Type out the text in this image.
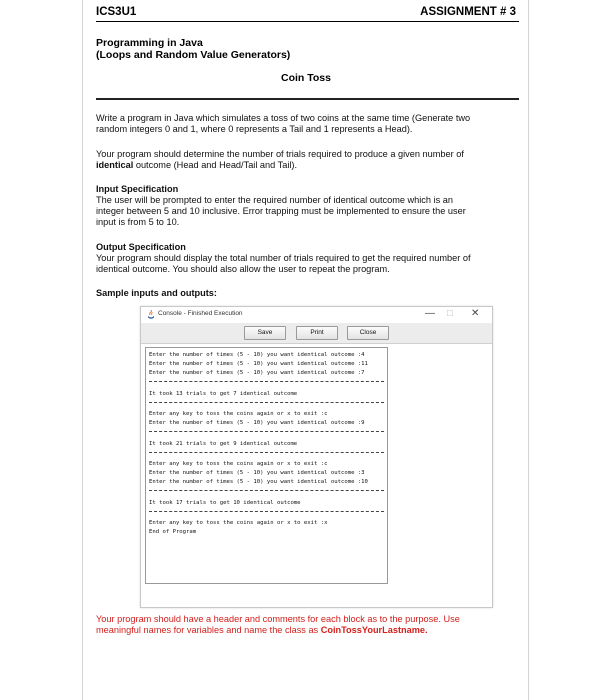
ICS3U1	ASSIGNMENT # 3
Programming in Java
(Loops and Random Value Generators)
Coin Toss
Write a program in Java which simulates a toss of two coins at the same time (Generate two
random integers 0 and 1, where 0 represents a Tail and 1 represents a Head).
Your program should determine the number of trials required to produce a given number of
identical outcome (Head and Head/Tail and Tail).
Input Specification
The user will be prompted to enter the required number of identical outcome which is an
integer between 5 and 10 inclusive. Error trapping must be implemented to ensure the user
input is from 5 to 10.
Output Specification
Your program should display the total number of trials required to get the required number of
identical outcome. You should also allow the user to repeat the program.
Sample inputs and outputs:
Console - Finished Execution	— □ ✕
Save	Print	Close
Enter the number of times (5 - 10) you want identical outcome :4
Enter the number of times (5 - 10) you want identical outcome :11
Enter the number of times (5 - 10) you want identical outcome :7
It took 13 trials to get 7 identical outcome
Enter any key to toss the coins again or x to exit :c
Enter the number of times (5 - 10) you want identical outcome :9
It took 21 trials to get 9 identical outcome
Enter any key to toss the coins again or x to exit :c
Enter the number of times (5 - 10) you want identical outcome :3
Enter the number of times (5 - 10) you want identical outcome :10
It took 17 trials to get 10 identical outcome
Enter any key to toss the coins again or x to exit :x
End of Program
Your program should have a header and comments for each block as to the purpose. Use
meaningful names for variables and name the class as CoinTossYourLastname.
